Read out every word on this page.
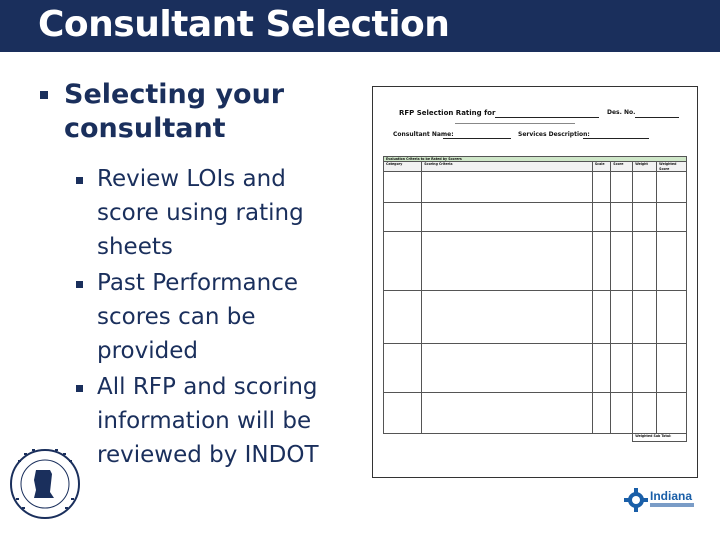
Consultant Selection
Selecting your consultant
Review LOIs and score using rating sheets
Past Performance scores can be provided
All RFP and scoring information will be reviewed by INDOT
RFP Selection Rating for	Des. No.
Consultant Name:	Services Description:
Evaluation Criteria to be Rated by Scorers					
Category	Scoring Criteria	Scale	Score	Weight	Weighted Score

				Weighted Sub Total:	
Indiana
